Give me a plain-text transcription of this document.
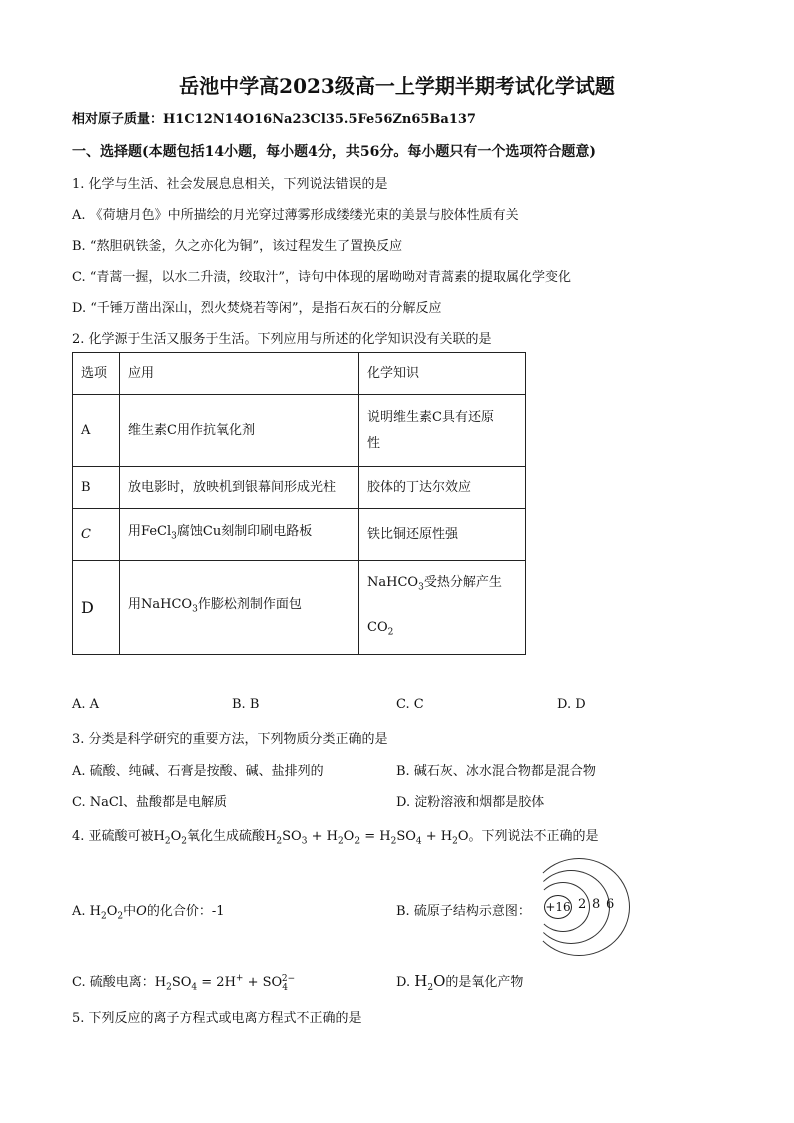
岳池中学高2023级高一上学期半期考试化学试题
相对原子质量：H1C12N14O16Na23Cl35.5Fe56Zn65Ba137
一、选择题(本题包括14小题，每小题4分，共56分。每小题只有一个选项符合题意)
1. 化学与生活、社会发展息息相关，下列说法错误的是
A. 《荷塘月色》中所描绘的月光穿过薄雾形成缕缕光束的美景与胶体性质有关
B. “熬胆矾铁釜，久之亦化为铜”，该过程发生了置换反应
C. “青蒿一握，以水二升渍，绞取汁”，诗句中体现的屠呦呦对青蒿素的提取属化学变化
D. “千锤万凿出深山，烈火焚烧若等闲”，是指石灰石的分解反应
2. 化学源于生活又服务于生活。下列应用与所述的化学知识没有关联的是
选项	应用	化学知识
A	维生素C用作抗氧化剂	说明维生素C具有还原
性

B	放电影时，放映机到银幕间形成光柱	胶体的丁达尔效应
C	用FeCl$_3$腐蚀Cu刻制印刷电路板	铁比铜还原性强
D	用NaHCO$_3$作膨松剂制作面包	NaHCO$_3$受热分解产生
$CO_2$
A. A	B. B	C. C	D. D
3. 分类是科学研究的重要方法，下列物质分类正确的是
A. 硫酸、纯碱、石膏是按酸、碱、盐排列的	B. 碱石灰、冰水混合物都是混合物
C. NaCl、盐酸都是电解质	D. 淀粉溶液和烟都是胶体
4. 亚硫酸可被$H_2O_2$氧化生成硫酸$H_2SO_3 + H_2O_2 = H_2SO_4 + H_2O$。下列说法不正确的是
A. $H_2O_2$中O的化合价：-1	B. 硫原子结构示意图： +16 2 8 6
C. 硫酸电离：$H_2SO_4 = 2H^+ + SO_4^{2-}$	D. $H_2O$的是氧化产物
5. 下列反应的离子方程式或电离方程式不正确的是
